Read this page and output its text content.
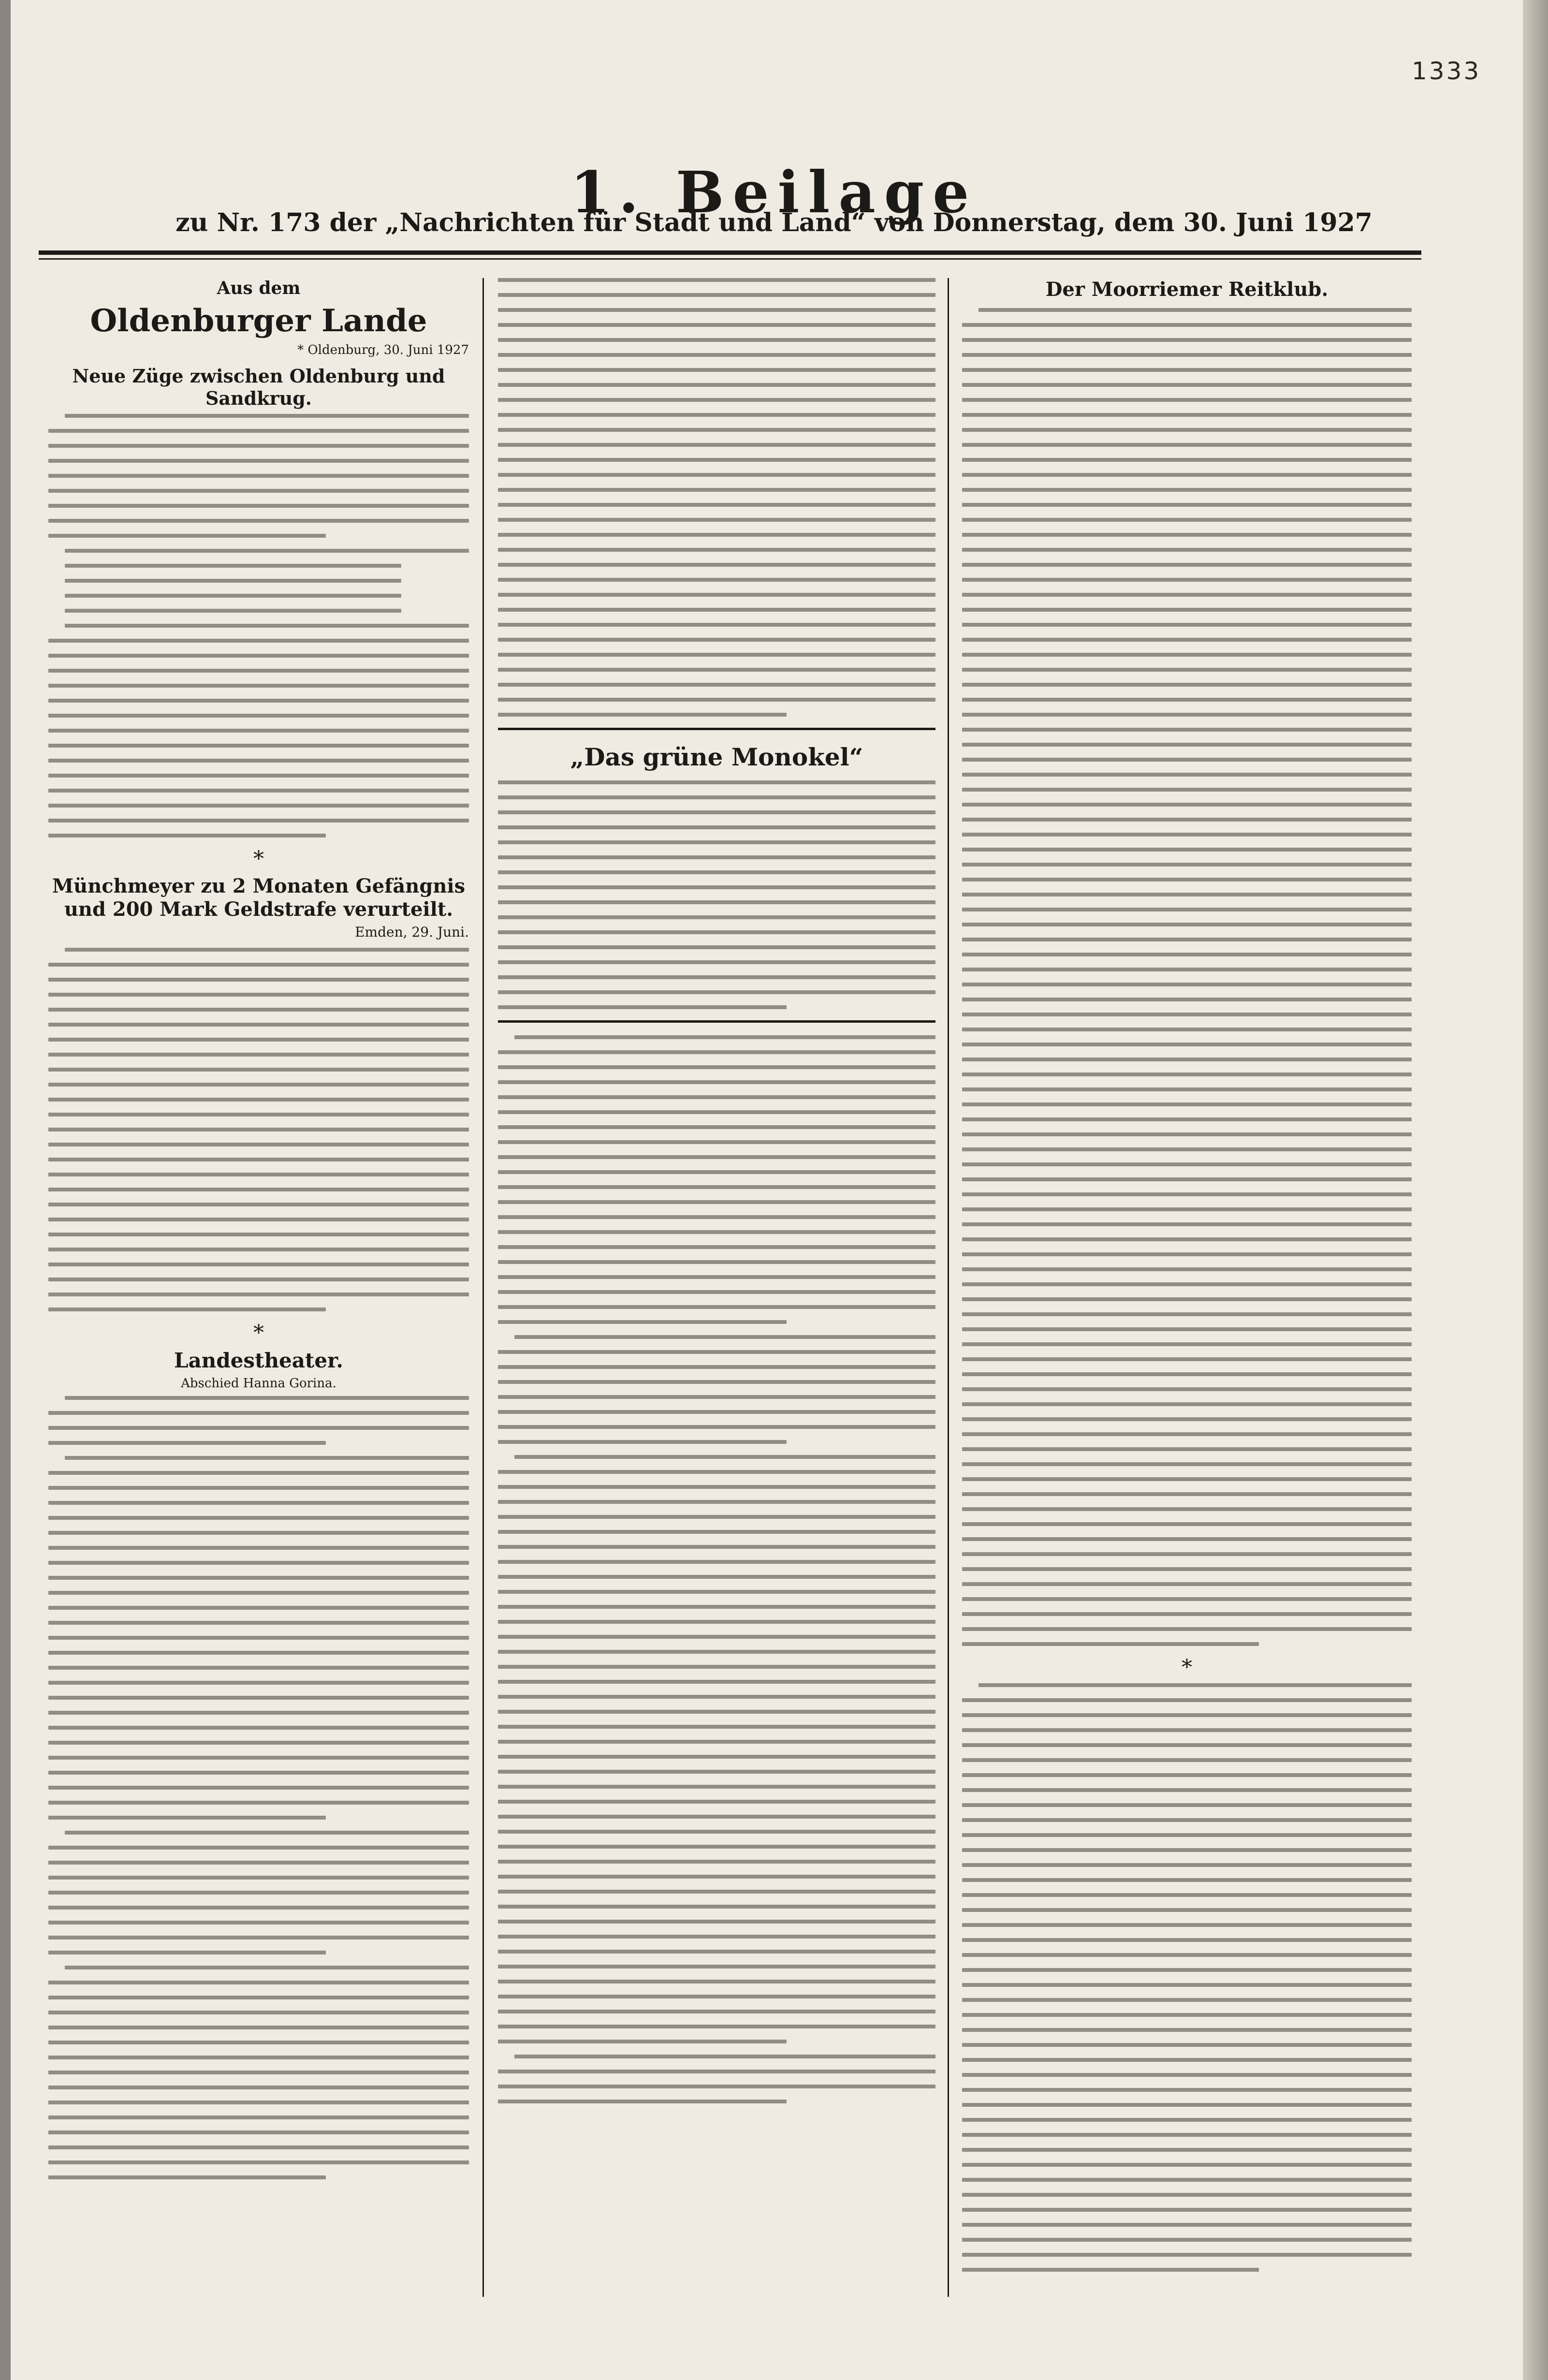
1333
1. Beilage
zu Nr. 173 der „Nachrichten für Stadt und Land“ von Donnerstag, dem 30. Juni 1927
Aus dem
Oldenburger Lande
* Oldenburg, 30. Juni 1927
Neue Züge zwischen Oldenburg und Sandkrug.
*
Münchmeyer zu 2 Monaten Gefängnis und 200 Mark Geldstrafe verurteilt.
Emden, 29. Juni.
*
Landestheater.
Abschied Hanna Gorina.
„Das grüne Monokel“
Der Moorriemer Reitklub.
*
